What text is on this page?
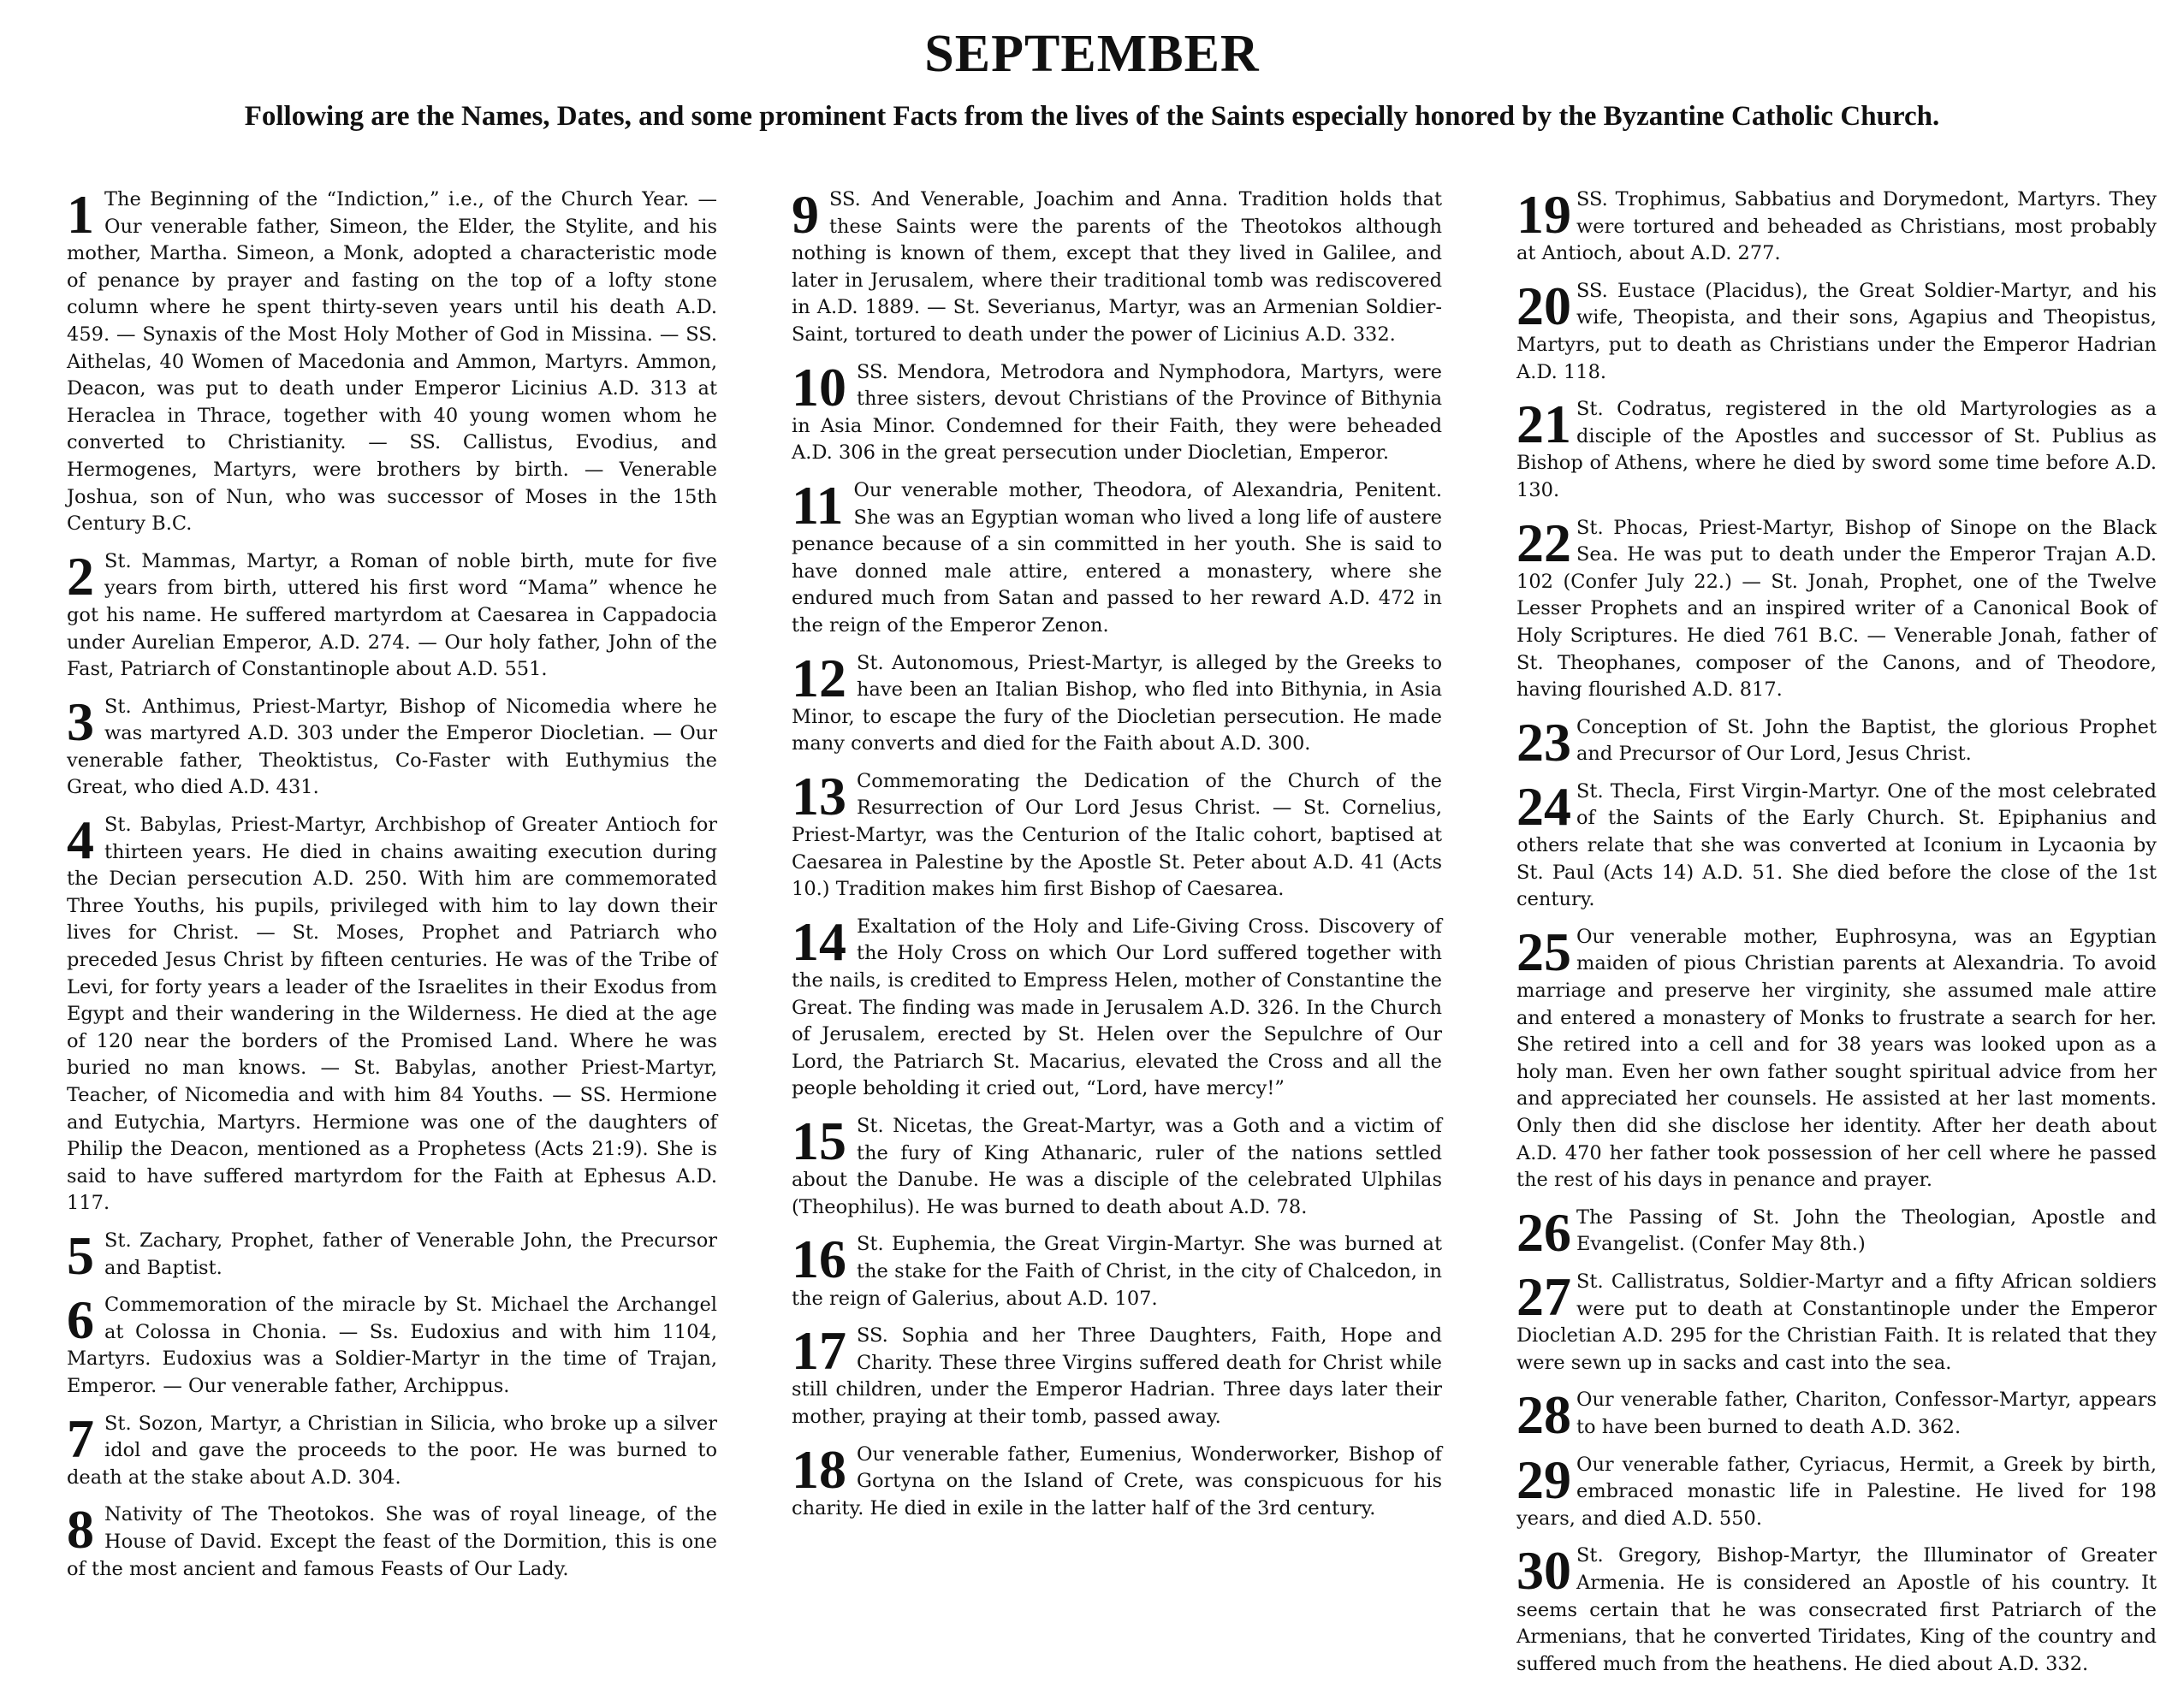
SEPTEMBER
Following are the Names, Dates, and some prominent Facts from the lives of the Saints especially honored by the Byzantine Catholic Church.
1 The Beginning of the “Indiction,” i.e., of the Church Year. — Our venerable father, Simeon, the Elder, the Stylite, and his mother, Martha. Simeon, a Monk, adopted a characteristic mode of penance by prayer and fasting on the top of a lofty stone column where he spent thirty-seven years until his death A.D. 459. — Synaxis of the Most Holy Mother of God in Missina. — SS. Aithelas, 40 Women of Macedonia and Ammon, Martyrs. Ammon, Deacon, was put to death under Emperor Licinius A.D. 313 at Heraclea in Thrace, together with 40 young women whom he converted to Christianity. — SS. Callistus, Evodius, and Hermogenes, Martyrs, were brothers by birth. — Venerable Joshua, son of Nun, who was successor of Moses in the 15th Century B.C.

2 St. Mammas, Martyr, a Roman of noble birth, mute for five years from birth, uttered his first word “Mama” whence he got his name. He suffered martyrdom at Caesarea in Cappadocia under Aurelian Emperor, A.D. 274. — Our holy father, John of the Fast, Patriarch of Constantinople about A.D. 551.

3 St. Anthimus, Priest-Martyr, Bishop of Nicomedia where he was martyred A.D. 303 under the Emperor Diocletian. — Our venerable father, Theoktistus, Co-Faster with Euthymius the Great, who died A.D. 431.

4 St. Babylas, Priest-Martyr, Archbishop of Greater Antioch for thirteen years. He died in chains awaiting execution during the Decian persecution A.D. 250. With him are commemorated Three Youths, his pupils, privileged with him to lay down their lives for Christ. — St. Moses, Prophet and Patriarch who preceded Jesus Christ by fifteen centuries. He was of the Tribe of Levi, for forty years a leader of the Israelites in their Exodus from Egypt and their wandering in the Wilderness. He died at the age of 120 near the borders of the Promised Land. Where he was buried no man knows. — St. Babylas, another Priest-Martyr, Teacher, of Nicomedia and with him 84 Youths. — SS. Hermione and Eutychia, Martyrs. Hermione was one of the daughters of Philip the Deacon, mentioned as a Prophetess (Acts 21:9). She is said to have suffered martyrdom for the Faith at Ephesus A.D. 117.

5 St. Zachary, Prophet, father of Venerable John, the Precursor and Baptist.

6 Commemoration of the miracle by St. Michael the Archangel at Colossa in Chonia. — Ss. Eudoxius and with him 1104, Martyrs. Eudoxius was a Soldier-Martyr in the time of Trajan, Emperor. — Our venerable father, Archippus.

7 St. Sozon, Martyr, a Christian in Silicia, who broke up a silver idol and gave the proceeds to the poor. He was burned to death at the stake about A.D. 304.

8 Nativity of The Theotokos. She was of royal lineage, of the House of David. Except the feast of the Dormition, this is one of the most ancient and famous Feasts of Our Lady.

9 SS. And Venerable, Joachim and Anna. Tradition holds that these Saints were the parents of the Theotokos although nothing is known of them, except that they lived in Galilee, and later in Jerusalem, where their traditional tomb was rediscovered in A.D. 1889. — St. Severianus, Martyr, was an Armenian Soldier-Saint, tortured to death under the power of Licinius A.D. 332.

10 SS. Mendora, Metrodora and Nymphodora, Martyrs, were three sisters, devout Christians of the Province of Bithynia in Asia Minor. Condemned for their Faith, they were beheaded A.D. 306 in the great persecution under Diocletian, Emperor.

11 Our venerable mother, Theodora, of Alexandria, Penitent. She was an Egyptian woman who lived a long life of austere penance because of a sin committed in her youth. She is said to have donned male attire, entered a monastery, where she endured much from Satan and passed to her reward A.D. 472 in the reign of the Emperor Zenon.

12 St. Autonomous, Priest-Martyr, is alleged by the Greeks to have been an Italian Bishop, who fled into Bithynia, in Asia Minor, to escape the fury of the Diocletian persecution. He made many converts and died for the Faith about A.D. 300.

13 Commemorating the Dedication of the Church of the Resurrection of Our Lord Jesus Christ. — St. Cornelius, Priest-Martyr, was the Centurion of the Italic cohort, baptised at Caesarea in Palestine by the Apostle St. Peter about A.D. 41 (Acts 10.) Tradition makes him first Bishop of Caesarea.

14 Exaltation of the Holy and Life-Giving Cross. Discovery of the Holy Cross on which Our Lord suffered together with the nails, is credited to Empress Helen, mother of Constantine the Great. The finding was made in Jerusalem A.D. 326. In the Church of Jerusalem, erected by St. Helen over the Sepulchre of Our Lord, the Patriarch St. Macarius, elevated the Cross and all the people beholding it cried out, “Lord, have mercy!”

15 St. Nicetas, the Great-Martyr, was a Goth and a victim of the fury of King Athanaric, ruler of the nations settled about the Danube. He was a disciple of the celebrated Ulphilas (Theophilus). He was burned to death about A.D. 78.

16 St. Euphemia, the Great Virgin-Martyr. She was burned at the stake for the Faith of Christ, in the city of Chalcedon, in the reign of Galerius, about A.D. 107.

17 SS. Sophia and her Three Daughters, Faith, Hope and Charity. These three Virgins suffered death for Christ while still children, under the Emperor Hadrian. Three days later their mother, praying at their tomb, passed away.

18 Our venerable father, Eumenius, Wonderworker, Bishop of Gortyna on the Island of Crete, was conspicuous for his charity. He died in exile in the latter half of the 3rd century.

19 SS. Trophimus, Sabbatius and Dorymedont, Martyrs. They were tortured and beheaded as Christians, most probably at Antioch, about A.D. 277.

20 SS. Eustace (Placidus), the Great Soldier-Martyr, and his wife, Theopista, and their sons, Agapius and Theopistus, Martyrs, put to death as Christians under the Emperor Hadrian A.D. 118.

21 St. Codratus, registered in the old Martyrologies as a disciple of the Apostles and successor of St. Publius as Bishop of Athens, where he died by sword some time before A.D. 130.

22 St. Phocas, Priest-Martyr, Bishop of Sinope on the Black Sea. He was put to death under the Emperor Trajan A.D. 102 (Confer July 22.) — St. Jonah, Prophet, one of the Twelve Lesser Prophets and an inspired writer of a Canonical Book of Holy Scriptures. He died 761 B.C. — Venerable Jonah, father of St. Theophanes, composer of the Canons, and of Theodore, having flourished A.D. 817.

23 Conception of St. John the Baptist, the glorious Prophet and Precursor of Our Lord, Jesus Christ.

24 St. Thecla, First Virgin-Martyr. One of the most celebrated of the Saints of the Early Church. St. Epiphanius and others relate that she was converted at Iconium in Lycaonia by St. Paul (Acts 14) A.D. 51. She died before the close of the 1st century.

25 Our venerable mother, Euphrosyna, was an Egyptian maiden of pious Christian parents at Alexandria. To avoid marriage and preserve her virginity, she assumed male attire and entered a monastery of Monks to frustrate a search for her. She retired into a cell and for 38 years was looked upon as a holy man. Even her own father sought spiritual advice from her and appreciated her counsels. He assisted at her last moments. Only then did she disclose her identity. After her death about A.D. 470 her father took possession of her cell where he passed the rest of his days in penance and prayer.

26 The Passing of St. John the Theologian, Apostle and Evangelist. (Confer May 8th.)

27 St. Callistratus, Soldier-Martyr and a fifty African soldiers were put to death at Constantinople under the Emperor Diocletian A.D. 295 for the Christian Faith. It is related that they were sewn up in sacks and cast into the sea.

28 Our venerable father, Chariton, Confessor-Martyr, appears to have been burned to death A.D. 362.

29 Our venerable father, Cyriacus, Hermit, a Greek by birth, embraced monastic life in Palestine. He lived for 198 years, and died A.D. 550.

30 St. Gregory, Bishop-Martyr, the Illuminator of Greater Armenia. He is considered an Apostle of his country. It seems certain that he was consecrated first Patriarch of the Armenians, that he converted Tiridates, King of the country and suffered much from the heathens. He died about A.D. 332.
